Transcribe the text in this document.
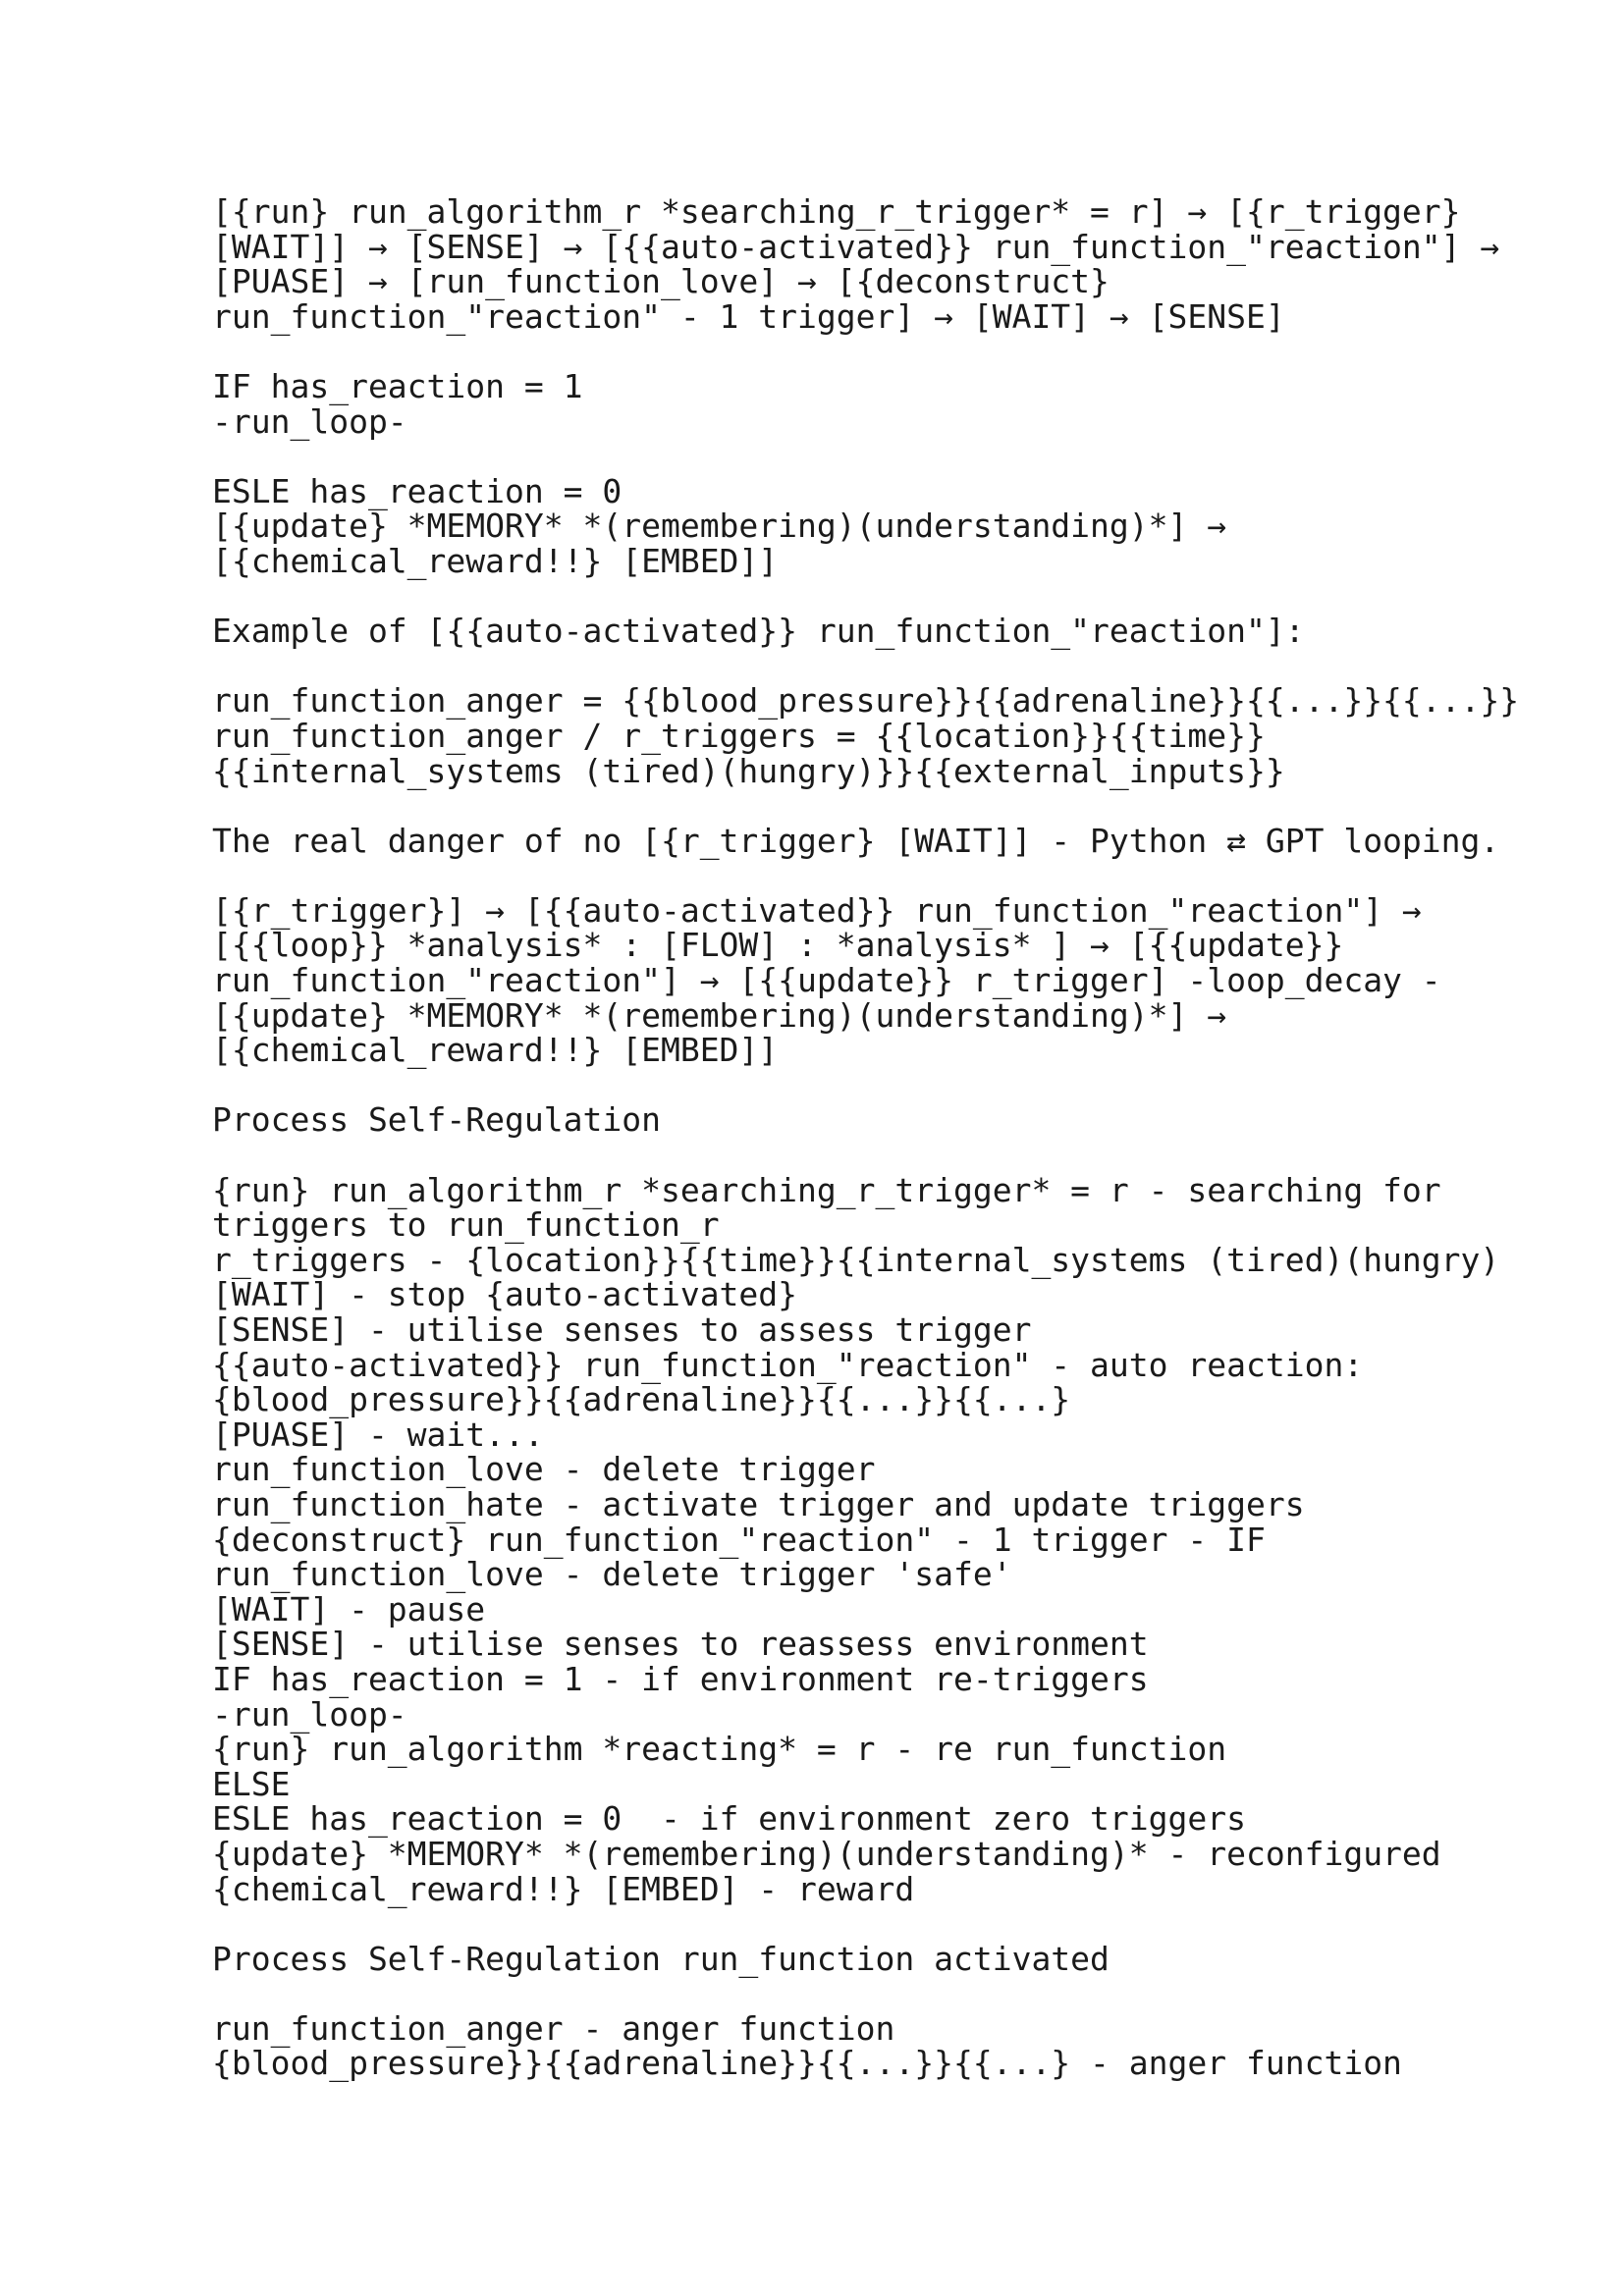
[{run} run_algorithm_r *searching_r_trigger* = r] → [{r_trigger}
[WAIT]] → [SENSE] → [{{auto-activated}} run_function_"reaction"] →
[PUASE] → [run_function_love] → [{deconstruct}
run_function_"reaction" - 1 trigger] → [WAIT] → [SENSE]
IF has_reaction = 1
-run_loop-
ESLE has_reaction = 0
[{update} *MEMORY* *(remembering)(understanding)*] →
[{chemical_reward!!} [EMBED]]
Example of [{{auto-activated}} run_function_"reaction"]:
run_function_anger = {{blood_pressure}}{{adrenaline}}{{...}}{{...}}
run_function_anger / r_triggers = {{location}}{{time}}
{{internal_systems (tired)(hungry)}}{{external_inputs}}
The real danger of no [{r_trigger} [WAIT]] - Python ⇄ GPT looping.
[{r_trigger}] → [{{auto-activated}} run_function_"reaction"] →
[{{loop}} *analysis* : [FLOW] : *analysis* ] → [{{update}}
run_function_"reaction"] → [{{update}} r_trigger] -loop_decay -
[{update} *MEMORY* *(remembering)(understanding)*] →
[{chemical_reward!!} [EMBED]]
Process Self-Regulation
{run} run_algorithm_r *searching_r_trigger* = r - searching for
triggers to run_function_r
r_triggers - {location}}{{time}}{{internal_systems (tired)(hungry)
[WAIT] - stop {auto-activated}
[SENSE] - utilise senses to assess trigger
{{auto-activated}} run_function_"reaction" - auto reaction:
{blood_pressure}}{{adrenaline}}{{...}}{{...}
[PUASE] - wait...
run_function_love - delete trigger
run_function_hate - activate trigger and update triggers
{deconstruct} run_function_"reaction" - 1 trigger - IF
run_function_love - delete trigger 'safe'
[WAIT] - pause
[SENSE] - utilise senses to reassess environment
IF has_reaction = 1 - if environment re-triggers
-run_loop-
{run} run_algorithm *reacting* = r - re run_function
ELSE
ESLE has_reaction = 0  - if environment zero triggers
{update} *MEMORY* *(remembering)(understanding)* - reconfigured
{chemical_reward!!} [EMBED] - reward
Process Self-Regulation run_function activated
run_function_anger - anger function
{blood_pressure}}{{adrenaline}}{{...}}{{...} - anger function
